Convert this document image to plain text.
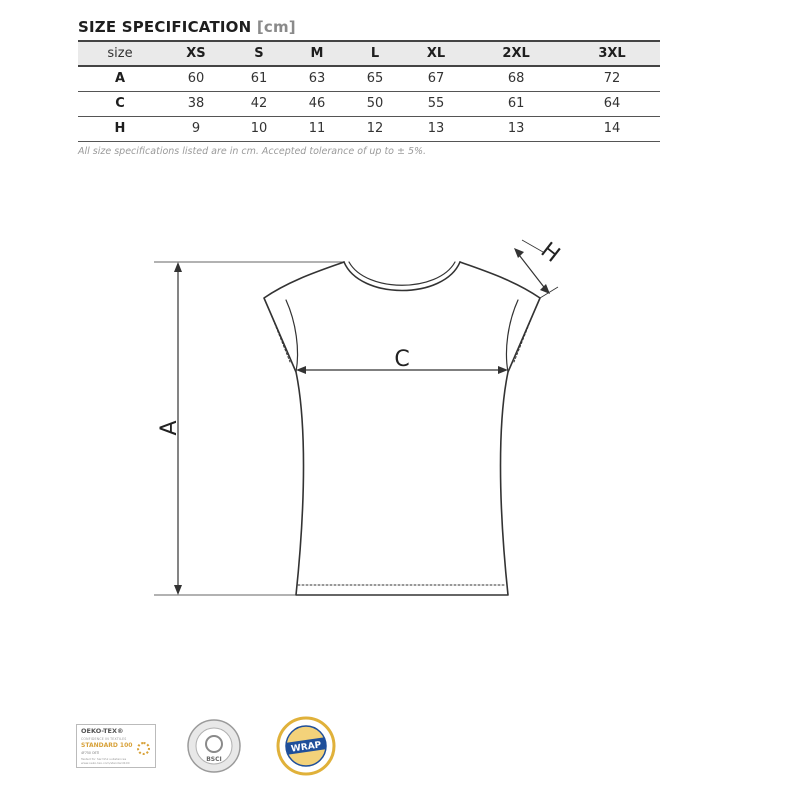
SIZE SPECIFICATION [cm]
size	XS	S	M	L	XL	2XL	3XL
A	60	61	63	65	67	68	72
C	38	42	46	50	55	61	64
H	9	10	11	12	13	13	14
All size specifications listed are in cm. Accepted tolerance of up to ± 5%.
A
C
H
OEKO-TEX®
CONFIDENCE IN TEXTILES
STANDARD 100
4F750 OETI
Tested for harmful substances www.oeko-tex.com/standard100	BSCI
WRAP
